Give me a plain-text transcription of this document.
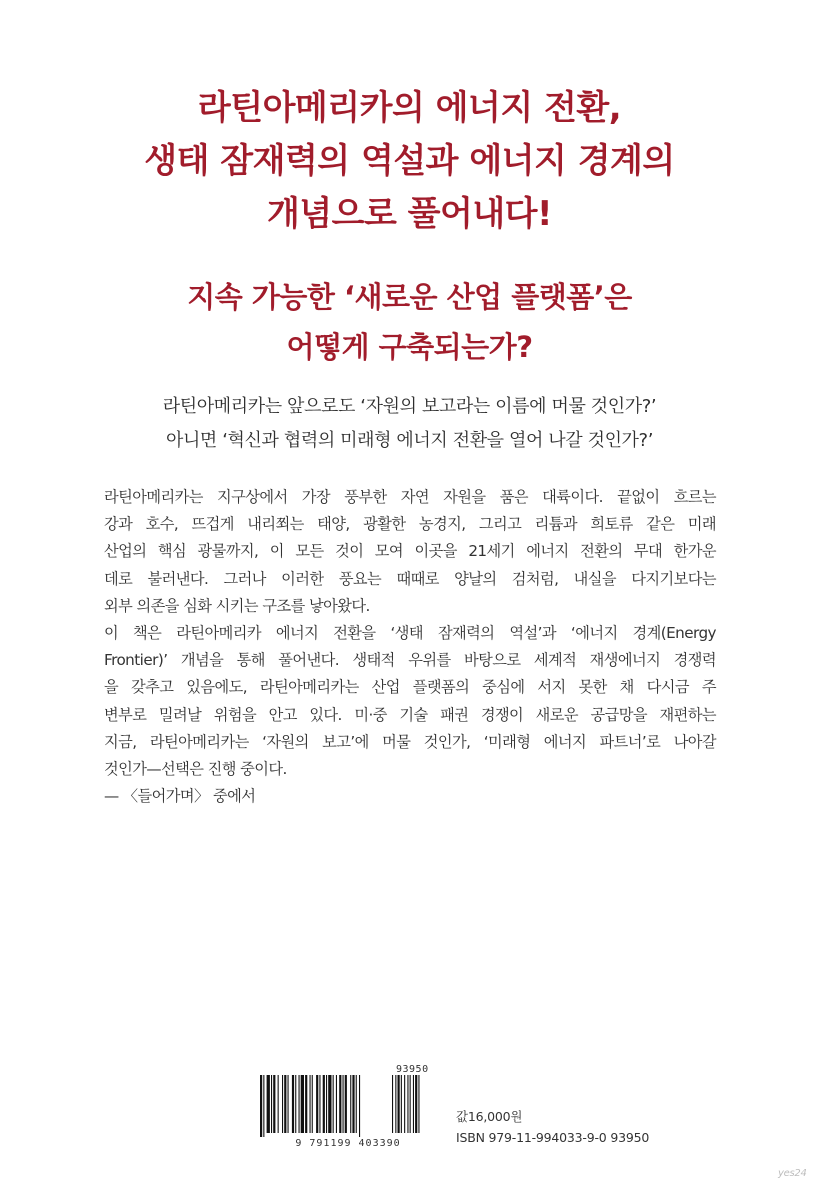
라틴아메리카의 에너지 전환,
생태 잠재력의 역설과 에너지 경계의
개념으로 풀어내다!
지속 가능한 ‘새로운 산업 플랫폼’은
어떻게 구축되는가?
라틴아메리카는 앞으로도 ‘자원의 보고라는 이름에 머물 것인가?’
아니면 ‘혁신과 협력의 미래형 에너지 전환을 열어 나갈 것인가?’
라틴아메리카는 지구상에서 가장 풍부한 자연 자원을 품은 대륙이다. 끝없이 흐르는
강과 호수, 뜨겁게 내리쬐는 태양, 광활한 농경지, 그리고 리튬과 희토류 같은 미래
산업의 핵심 광물까지, 이 모든 것이 모여 이곳을 21세기 에너지 전환의 무대 한가운
데로 불러낸다. 그러나 이러한 풍요는 때때로 양날의 검처럼, 내실을 다지기보다는
외부 의존을 심화 시키는 구조를 낳아왔다.
이 책은 라틴아메리카 에너지 전환을 ‘생태 잠재력의 역설’과 ‘에너지 경계(Energy
Frontier)’ 개념을 통해 풀어낸다. 생태적 우위를 바탕으로 세계적 재생에너지 경쟁력
을 갖추고 있음에도, 라틴아메리카는 산업 플랫폼의 중심에 서지 못한 채 다시금 주
변부로 밀려날 위험을 안고 있다. 미·중 기술 패권 경쟁이 새로운 공급망을 재편하는
지금, 라틴아메리카는 ‘자원의 보고’에 머물 것인가, ‘미래형 에너지 파트너’로 나아갈
것인가—선택은 진행 중이다.
— 〈들어가며〉 중에서
93950
9 791199 403390
값16,000원
ISBN 979-11-994033-9-0 93950
yes24
